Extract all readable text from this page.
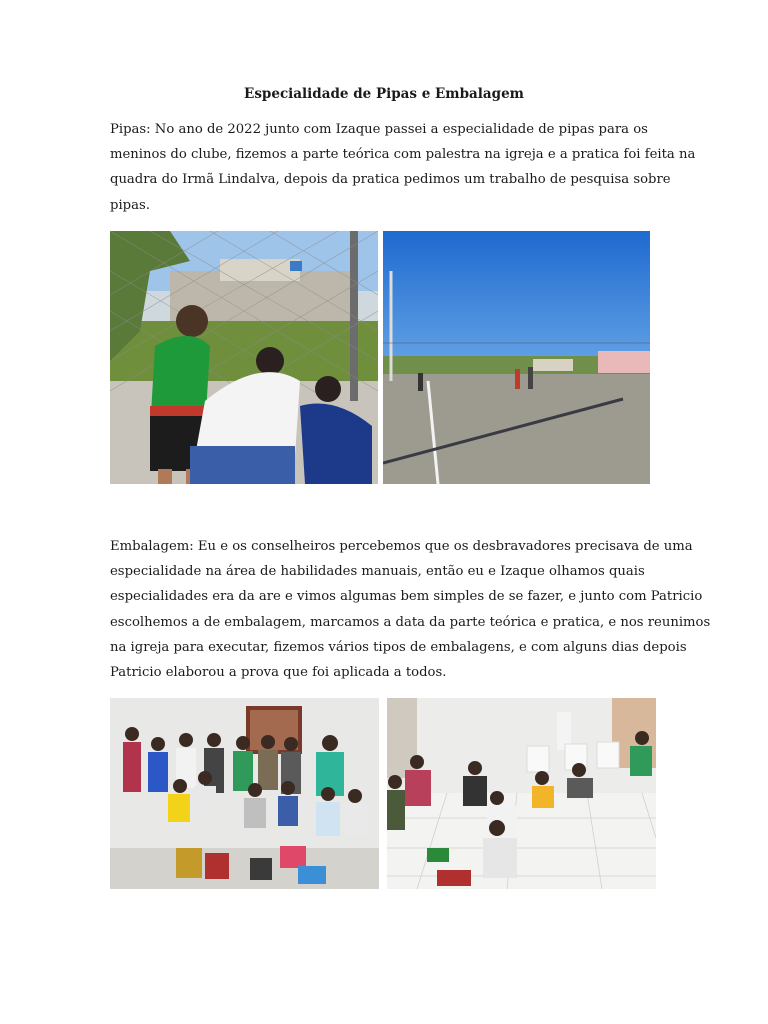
Especialidade de Pipas e Embalagem

Pipas: No ano de 2022 junto com Izaque passei a especialidade de pipas para os
meninos do clube, fizemos a parte teórica com palestra na igreja e a pratica foi feita na
quadra do Irmã Lindalva, depois da pratica pedimos um trabalho de pesquisa sobre
pipas.

Embalagem: Eu e os conselheiros percebemos que os desbravadores precisava de uma
especialidade na área de habilidades manuais, então eu e Izaque olhamos quais
especialidades era da are e vimos algumas bem simples de se fazer, e junto com Patricio
escolhemos a de embalagem, marcamos a data da parte teórica e pratica, e nos reunimos
na igreja para executar, fizemos vários tipos de embalagens, e com alguns dias depois
Patricio elaborou a prova que foi aplicada a todos.
